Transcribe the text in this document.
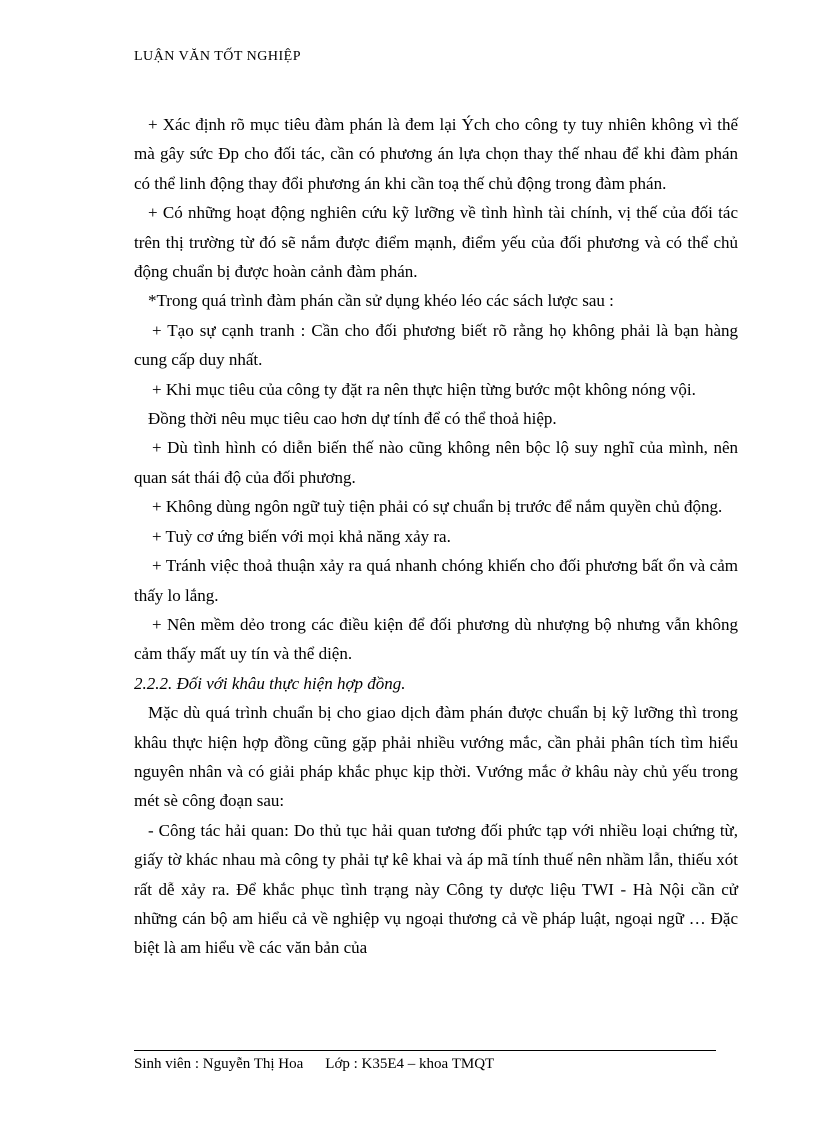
LUẬN VĂN TỐT NGHIỆP

+ Xác định rõ mục tiêu đàm phán là đem lại Ých cho công ty tuy nhiên không vì thế mà gây sức Đp cho đối tác, cần có phương án lựa chọn thay thế nhau để khi đàm phán có thể linh động thay đổi phương án khi cần toạ thế chủ động trong đàm phán.

+ Có những hoạt động nghiên cứu kỹ lưỡng về tình hình tài chính, vị thế của đối tác trên thị trường từ đó sẽ nắm được điểm mạnh, điểm yếu của đối phương và có thể chủ động chuẩn bị được hoàn cảnh đàm phán.

*Trong quá trình đàm phán cần sử dụng khéo léo các sách lược sau :

+ Tạo sự cạnh tranh : Cần cho đối phương biết rõ rằng họ không phải là bạn hàng cung cấp duy nhất.

+ Khi mục tiêu của công ty đặt ra nên thực hiện từng bước một không nóng vội.

Đồng thời nêu mục tiêu cao hơn dự tính để có thể thoả hiệp.

+ Dù tình hình có diễn biến thế nào cũng không nên bộc lộ suy nghĩ của mình, nên quan sát thái độ của đối phương.

+ Không dùng ngôn ngữ tuỳ tiện phải có sự chuẩn bị trước để nắm quyền chủ động.

+ Tuỳ cơ ứng biến với mọi khả năng xảy ra.

+ Tránh việc thoả thuận xảy ra quá nhanh chóng khiến cho đối phương bất ổn và cảm thấy lo lắng.

+ Nên mềm dẻo trong các điều kiện để đối phương dù nhượng bộ nhưng vẫn không cảm thấy mất uy tín và thể diện.

2.2.2. Đối với khâu thực hiện hợp đồng.

Mặc dù quá trình chuẩn bị cho giao dịch đàm phán được chuẩn bị kỹ lưỡng thì trong khâu thực hiện hợp đồng cũng gặp phải nhiều vướng mắc, cần phải phân tích tìm hiểu nguyên nhân và có giải pháp khắc phục kịp thời. Vướng mắc ở khâu này chủ yếu trong mét sè công đoạn sau:

- Công tác hải quan: Do thủ tục hải quan tương đối phức tạp với nhiều loại chứng từ, giấy tờ khác nhau mà công ty phải tự kê khai và áp mã tính thuế nên nhầm lẫn, thiếu xót rất dễ xảy ra. Để khắc phục tình trạng này Công ty dược liệu TWI - Hà Nội cần cử những cán bộ am hiểu cả về nghiệp vụ ngoại thương cả về pháp luật, ngoại ngữ … Đặc biệt là am hiểu về các văn bản của

Sinh viên : Nguyễn Thị Hoa Lớp : K35E4 – khoa TMQT
